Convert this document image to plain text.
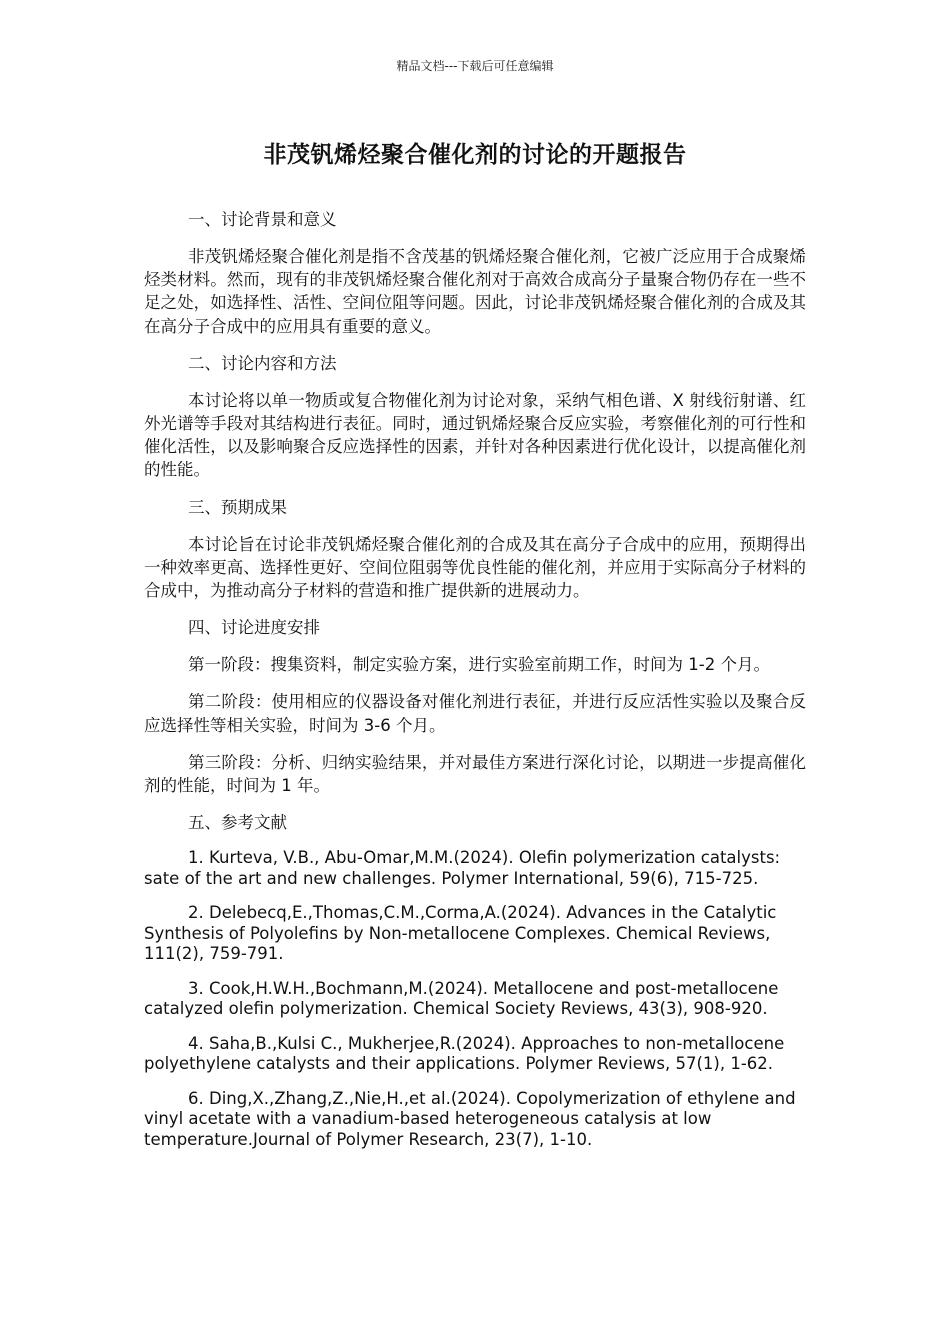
精品文档---下载后可任意编辑
非茂钒烯烃聚合催化剂的讨论的开题报告

一、讨论背景和意义

非茂钒烯烃聚合催化剂是指不含茂基的钒烯烃聚合催化剂，它被广泛应用于合成聚烯烃类材料。然而，现有的非茂钒烯烃聚合催化剂对于高效合成高分子量聚合物仍存在一些不足之处，如选择性、活性、空间位阻等问题。因此，讨论非茂钒烯烃聚合催化剂的合成及其在高分子合成中的应用具有重要的意义。

二、讨论内容和方法

本讨论将以单一物质或复合物催化剂为讨论对象，采纳气相色谱、X 射线衍射谱、红外光谱等手段对其结构进行表征。同时，通过钒烯烃聚合反应实验，考察催化剂的可行性和催化活性，以及影响聚合反应选择性的因素，并针对各种因素进行优化设计，以提高催化剂的性能。

三、预期成果

本讨论旨在讨论非茂钒烯烃聚合催化剂的合成及其在高分子合成中的应用，预期得出一种效率更高、选择性更好、空间位阻弱等优良性能的催化剂，并应用于实际高分子材料的合成中，为推动高分子材料的营造和推广提供新的进展动力。

四、讨论进度安排

第一阶段：搜集资料，制定实验方案，进行实验室前期工作，时间为 1-2 个月。

第二阶段：使用相应的仪器设备对催化剂进行表征，并进行反应活性实验以及聚合反应选择性等相关实验，时间为 3-6 个月。

第三阶段：分析、归纳实验结果，并对最佳方案进行深化讨论，以期进一步提高催化剂的性能，时间为 1 年。

五、参考文献

1. Kurteva, V.B., Abu-Omar,M.M.(2024). Olefin polymerization catalysts: sate of the art and new challenges. Polymer International, 59(6), 715-725.

2. Delebecq,E.,Thomas,C.M.,Corma,A.(2024). Advances in the Catalytic Synthesis of Polyolefins by Non-metallocene Complexes. Chemical Reviews, 111(2), 759-791.

3. Cook,H.W.H.,Bochmann,M.(2024). Metallocene and post-metallocene catalyzed olefin polymerization. Chemical Society Reviews, 43(3), 908-920.

4. Saha,B.,Kulsi C., Mukherjee,R.(2024). Approaches to non-metallocene polyethylene catalysts and their applications. Polymer Reviews, 57(1), 1-62.

6. Ding,X.,Zhang,Z.,Nie,H.,et al.(2024). Copolymerization of ethylene and vinyl acetate with a vanadium-based heterogeneous catalysis at low temperature.Journal of Polymer Research, 23(7), 1-10.
